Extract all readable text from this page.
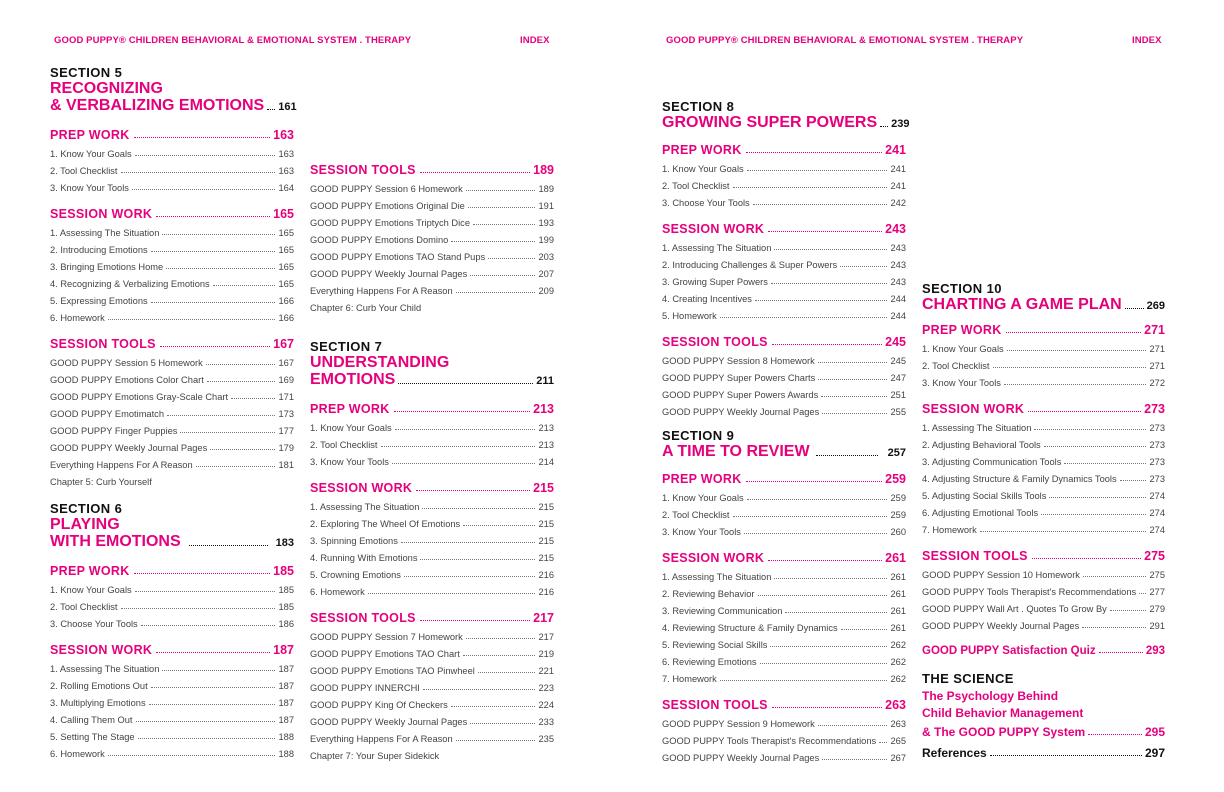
GOOD PUPPY® CHILDREN BEHAVIORAL & EMOTIONAL SYSTEM . THERAPY	INDEX
SECTION 5
RECOGNIZING
& VERBALIZING EMOTIONS 161
PREP WORK	163
1. Know Your Goals	163
2. Tool Checklist	163
3. Know Your Tools	164
SESSION WORK	165
1. Assessing The Situation	165
2. Introducing Emotions	165
3. Bringing Emotions Home	165
4. Recognizing & Verbalizing Emotions	165
5. Expressing Emotions	166
6. Homework	166
SESSION TOOLS	167
GOOD PUPPY Session 5 Homework	167
GOOD PUPPY Emotions Color Chart	169
GOOD PUPPY Emotions Gray-Scale Chart	171
GOOD PUPPY Emotimatch	173
GOOD PUPPY Finger Puppies	177
GOOD PUPPY Weekly Journal Pages	179
Everything Happens For A Reason	181
Chapter 5: Curb Yourself
SECTION 6
PLAYING
WITH EMOTIONS	183
PREP WORK	185
1. Know Your Goals	185
2. Tool Checklist	185
3. Choose Your Tools	186
SESSION WORK	187
1. Assessing The Situation	187
2. Rolling Emotions Out	187
3. Multiplying Emotions	187
4. Calling Them Out	187
5. Setting The Stage	188
6. Homework	188
SESSION TOOLS	189
GOOD PUPPY Session 6 Homework	189
GOOD PUPPY Emotions Original Die	191
GOOD PUPPY Emotions Triptych Dice	193
GOOD PUPPY Emotions Domino	199
GOOD PUPPY Emotions TAO Stand Pups	203
GOOD PUPPY Weekly Journal Pages	207
Everything Happens For A Reason	209
Chapter 6: Curb Your Child
SECTION 7
UNDERSTANDING
EMOTIONS	211
PREP WORK	213
1. Know Your Goals	213
2. Tool Checklist	213
3. Know Your Tools	214
SESSION WORK	215
1. Assessing The Situation	215
2. Exploring The Wheel Of Emotions	215
3. Spinning Emotions	215
4. Running With Emotions	215
5. Crowning Emotions	216
6. Homework	216
SESSION TOOLS	217
GOOD PUPPY Session 7 Homework	217
GOOD PUPPY Emotions TAO Chart	219
GOOD PUPPY Emotions TAO Pinwheel	221
GOOD PUPPY INNERCHI	223
GOOD PUPPY King Of Checkers	224
GOOD PUPPY Weekly Journal Pages	233
Everything Happens For A Reason	235
Chapter 7: Your Super Sidekick
GOOD PUPPY® CHILDREN BEHAVIORAL & EMOTIONAL SYSTEM . THERAPY	INDEX
SECTION 8
GROWING SUPER POWERS 239
PREP WORK	241
1. Know Your Goals	241
2. Tool Checklist	241
3. Choose Your Tools	242
SESSION WORK	243
1. Assessing The Situation	243
2. Introducing Challenges & Super Powers	243
3. Growing Super Powers	243
4. Creating Incentives	244
5. Homework	244
SESSION TOOLS	245
GOOD PUPPY Session 8 Homework	245
GOOD PUPPY Super Powers Charts	247
GOOD PUPPY Super Powers Awards	251
GOOD PUPPY Weekly Journal Pages	255
SECTION 9
A TIME TO REVIEW	257
PREP WORK	259
1. Know Your Goals	259
2. Tool Checklist	259
3. Know Your Tools	260
SESSION WORK	261
1. Assessing The Situation	261
2. Reviewing Behavior	261
3. Reviewing Communication	261
4. Reviewing Structure & Family Dynamics	261
5. Reviewing Social Skills	262
6. Reviewing Emotions	262
7. Homework	262
SESSION TOOLS	263
GOOD PUPPY Session 9 Homework	263
GOOD PUPPY Tools Therapist's Recommendations 265
GOOD PUPPY Weekly Journal Pages	267
SECTION 10
CHARTING A GAME PLAN 269
PREP WORK	271
1. Know Your Goals	271
2. Tool Checklist	271
3. Know Your Tools	272
SESSION WORK	273
1. Assessing The Situation	273
2. Adjusting Behavioral Tools	273
3. Adjusting Communication Tools	273
4. Adjusting Structure & Family Dynamics Tools	273
5. Adjusting Social Skills Tools	274
6. Adjusting Emotional Tools	274
7. Homework	274
SESSION TOOLS	275
GOOD PUPPY Session 10 Homework	275
GOOD PUPPY Tools Therapist's Recommendations 277
GOOD PUPPY Wall Art . Quotes To Grow By	279
GOOD PUPPY Weekly Journal Pages	291
GOOD PUPPY Satisfaction Quiz	293
THE SCIENCE
The Psychology Behind
Child Behavior Management
& The GOOD PUPPY System	295
References	297
